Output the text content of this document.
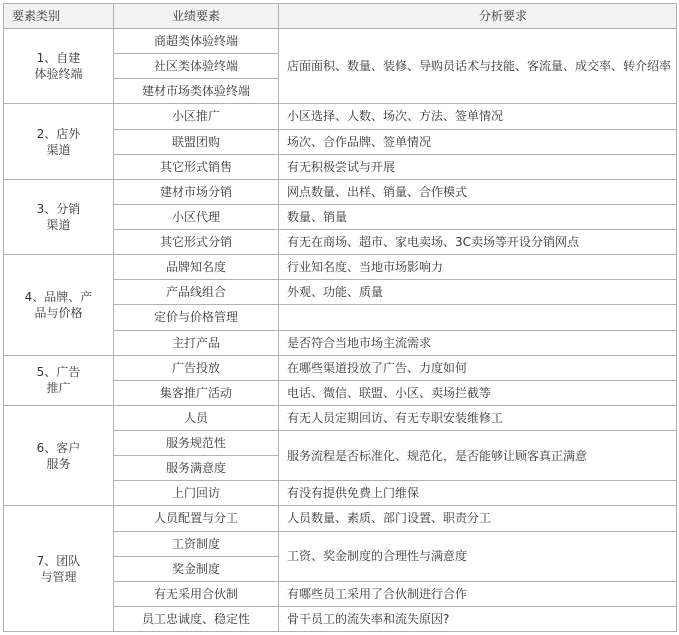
要素类别	业绩要素	分析要求

1、自建
体验终端	商超类体验终端	店面面积、数量、装修、导购员话术与技能、客流量、成交率、转介绍率
	社区类体验终端	
	建材市场类体验终端	

2、店外
渠道	小区推广	小区选择、人数、场次、方法、签单情况
	联盟团购	场次、合作品牌、签单情况
	其它形式销售	有无积极尝试与开展

3、分销
渠道	建材市场分销	网点数量、出样、销量、合作模式
	小区代理	数量、销量
	其它形式分销	有无在商场、超市、家电卖场、3C卖场等开设分销网点

4、品牌、产
品与价格	品牌知名度	行业知名度、当地市场影响力
	产品线组合	外观、功能、质量
	定价与价格管理	
	主打产品	是否符合当地市场主流需求

5、广告
推广	广告投放	在哪些渠道投放了广告、力度如何
	集客推广活动	电话、微信、联盟、小区、卖场拦截等

6、客户
服务	人员	有无人员定期回访、有无专职安装维修工
	服务规范性	服务流程是否标准化、规范化，是否能够让顾客真正满意
	服务满意度	
	上门回访	有没有提供免费上门维保

7、团队
与管理	人员配置与分工	人员数量、素质、部门设置、职责分工
	工资制度	工资、奖金制度的合理性与满意度
	奖金制度	
	有无采用合伙制	有哪些员工采用了合伙制进行合作
	员工忠诚度、稳定性	骨干员工的流失率和流失原因?
